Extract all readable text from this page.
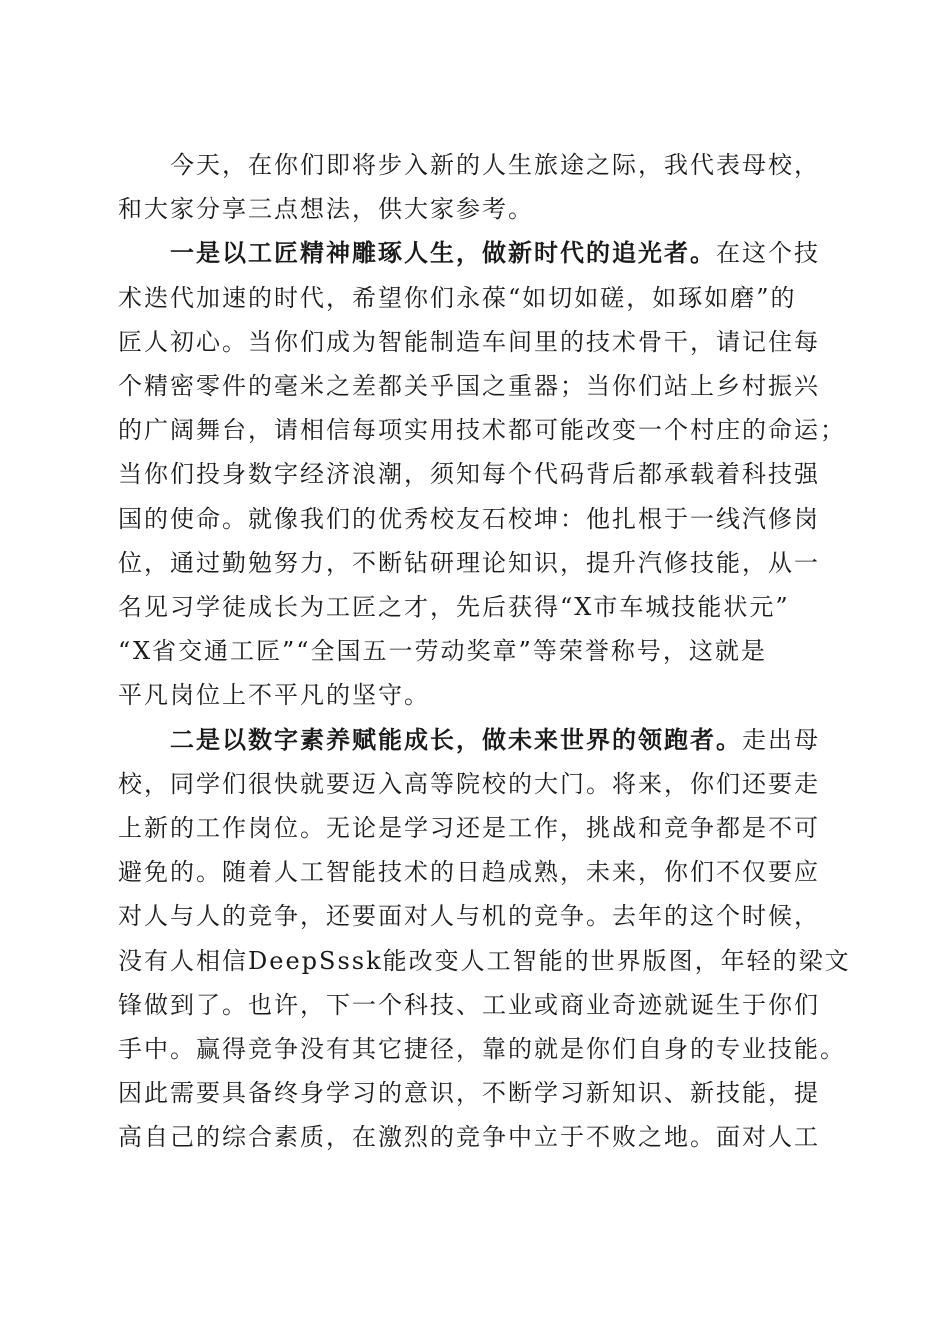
今天，在你们即将步入新的人生旅途之际，我代表母校，
和大家分享三点想法，供大家参考。
一是以工匠精神雕琢人生，做新时代的追光者。在这个技
术迭代加速的时代，希望你们永葆“如切如磋，如琢如磨”的
匠人初心。当你们成为智能制造车间里的技术骨干，请记住每
个精密零件的毫米之差都关乎国之重器；当你们站上乡村振兴
的广阔舞台，请相信每项实用技术都可能改变一个村庄的命运；
当你们投身数字经济浪潮，须知每个代码背后都承载着科技强
国的使命。就像我们的优秀校友石校坤：他扎根于一线汽修岗
位，通过勤勉努力，不断钻研理论知识，提升汽修技能，从一
名见习学徒成长为工匠之才，先后获得“X市车城技能状元”
“X省交通工匠”“全国五一劳动奖章”等荣誉称号，这就是
平凡岗位上不平凡的坚守。
二是以数字素养赋能成长，做未来世界的领跑者。走出母
校，同学们很快就要迈入高等院校的大门。将来，你们还要走
上新的工作岗位。无论是学习还是工作，挑战和竞争都是不可
避免的。随着人工智能技术的日趋成熟，未来，你们不仅要应
对人与人的竞争，还要面对人与机的竞争。去年的这个时候，
没有人相信DeepSssk能改变人工智能的世界版图，年轻的梁文
锋做到了。也许，下一个科技、工业或商业奇迹就诞生于你们
手中。赢得竞争没有其它捷径，靠的就是你们自身的专业技能。
因此需要具备终身学习的意识，不断学习新知识、新技能，提
高自己的综合素质，在激烈的竞争中立于不败之地。面对人工
